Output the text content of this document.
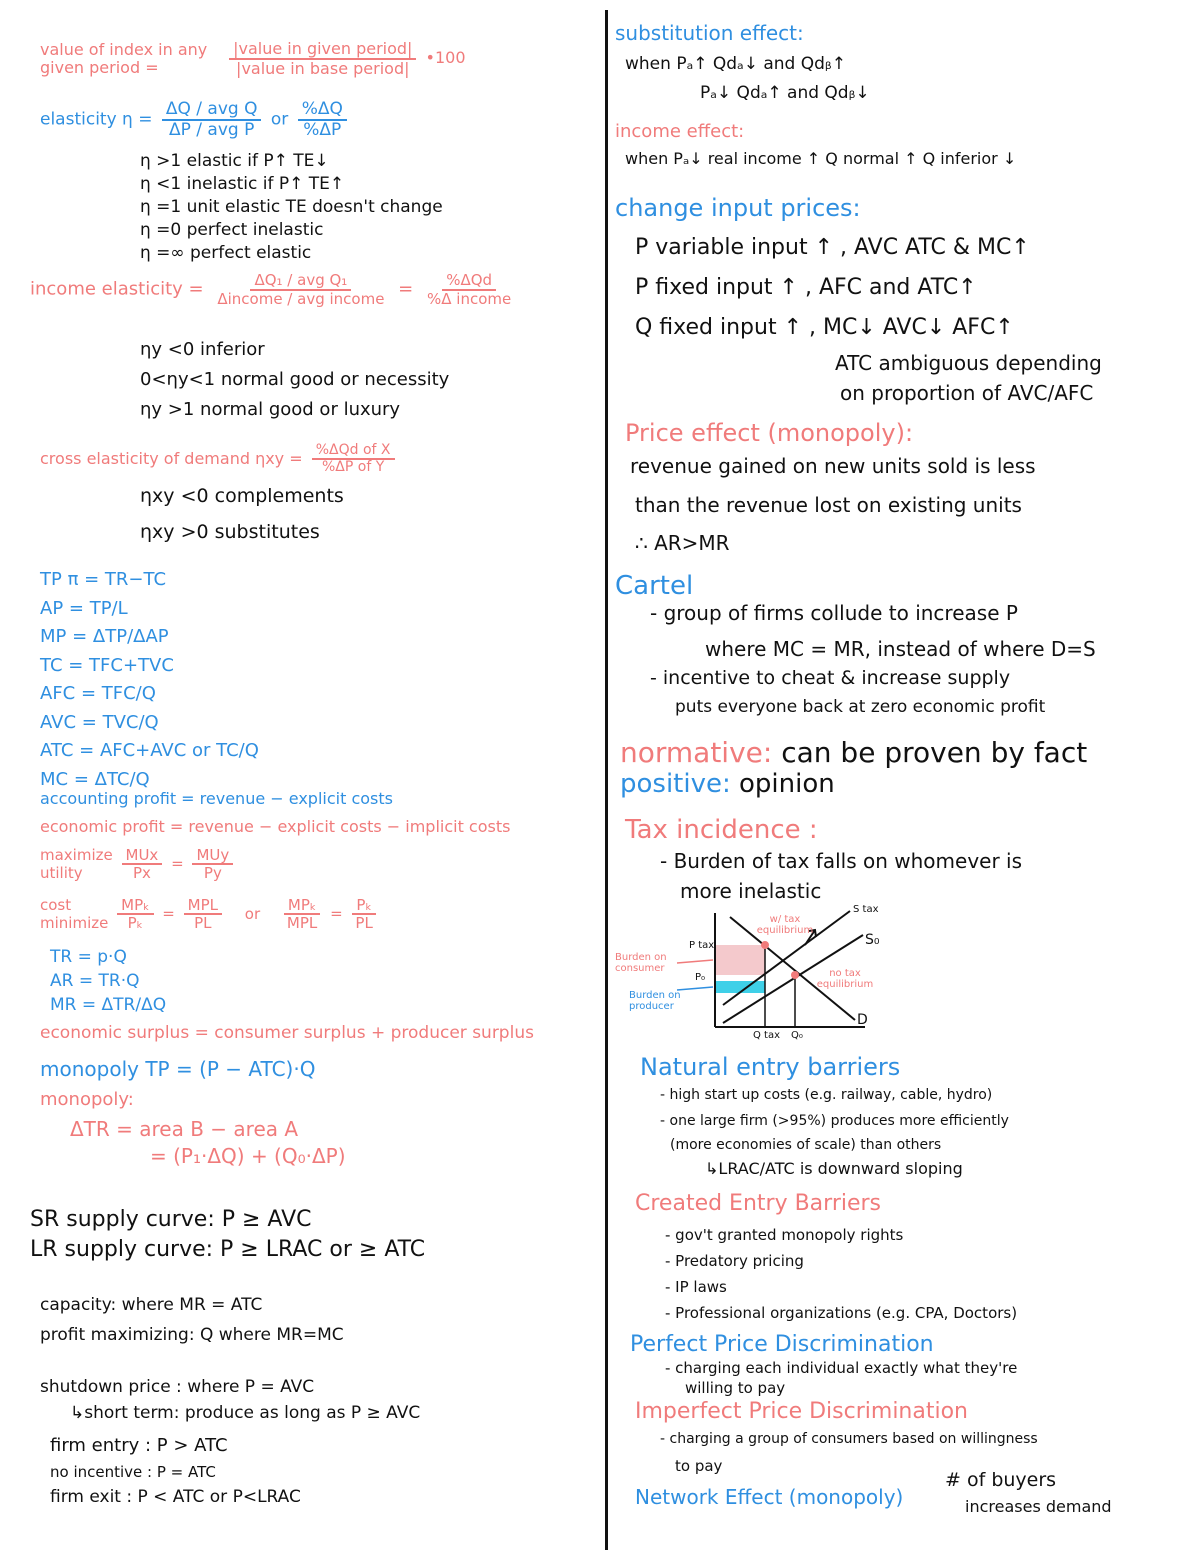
value of index in any given period =	$\frac{\text{|value in given period|}}{\text{|value in base period|}}$ •100
elasticity $\eta = \frac{\text{ΔQ / avg Q}}{\text{ΔP / avg P}}$ or $\frac{\%\Delta Q}{\%\Delta P}$
η >1 elastic if P↑ TE↓
η <1 inelastic if P↑ TE↑
η =1 unit elastic TE doesn't change
η =0 perfect inelastic
η =∞ perfect elastic
income elasticity = $\frac{\text{ΔQ₁ / avg Q₁}}{\text{Δincome / avg income}} = \frac{\text{\%ΔQd}}{\text{\%Δ income}}$
ηy <0 inferior
0<ηy<1 normal good or necessity
ηy >1 normal good or luxury
cross elasticity of demand $\eta xy = \frac{\text{\%ΔQd of X}}{\text{\%ΔP of Y}}$
ηxy <0 complements
ηxy >0 substitutes
TP π = TR−TC
AP = TP/L
MP = ΔTP/ΔAP
TC = TFC+TVC
AFC = TFC/Q
AVC = TVC/Q
ATC = AFC+AVC or TC/Q
MC = ΔTC/Q
accounting profit = revenue − explicit costs
economic profit = revenue − explicit costs − implicit costs
maximize
utility
	$\frac{\text{MUx}}{Px} = \frac{\text{MUy}}{Py}$
cost
minimize
$\frac{\text{MPₖ}}{\text{Pₖ}} = \frac{\text{MPL}}{PL}$ or $\frac{\text{MPₖ}}{\text{MPL}} = \frac{\text{Pₖ}}{PL}$
TR = p·Q
AR = TR·Q
MR = ΔTR/ΔQ
economic surplus = consumer surplus + producer surplus
monopoly TP = (P − ATC)·Q
monopoly:
ΔTR = area B − area A
= (P₁·ΔQ) + (Q₀·ΔP)
SR supply curve: P ≥ AVC
LR supply curve: P ≥ LRAC or ≥ ATC
capacity: where MR = ATC
profit maximizing: Q where MR=MC
shutdown price : where P = AVC
↳short term: produce as long as P ≥ AVC
firm entry : P > ATC
no incentive : P = ATC
firm exit : P < ATC or P<LRAC
substitution effect:
when Pₐ↑ Qdₐ↓ and Qdᵦ↑
Pₐ↓ Qdₐ↑ and Qdᵦ↓
income effect:
when Pₐ↓ real income ↑ Q normal ↑ Q inferior ↓
change input prices:
P variable input ↑ , AVC ATC & MC↑
P fixed input ↑ , AFC and ATC↑
Q fixed input ↑ , MC↓ AVC↓ AFC↑
ATC ambiguous depending
on proportion of AVC/AFC
Price effect (monopoly):
revenue gained on new units sold is less
than the revenue lost on existing units
∴ AR>MR
Cartel
- group of firms collude to increase P
where MC = MR, instead of where D=S
- incentive to cheat & increase supply
puts everyone back at zero economic profit
normative: can be proven by fact
positive: opinion
Tax incidence :
- Burden of tax falls on whomever is
more inelastic
S tax
S₀
D
P tax
P₀
Q tax Q₀
w/ tax equilibrium
no tax equilibrium
Burden on consumer
Burden on producer
Natural entry barriers
- high start up costs (e.g. railway, cable, hydro)
- one large firm (>95%) produces more efficiently
(more economies of scale) than others
↳LRAC/ATC is downward sloping
Created Entry Barriers
- gov't granted monopoly rights
- Predatory pricing
- IP laws
- Professional organizations (e.g. CPA, Doctors)
Perfect Price Discrimination
- charging each individual exactly what they're
willing to pay
Imperfect Price Discrimination
- charging a group of consumers based on willingness
to pay
Network Effect (monopoly)
# of buyers
increases demand
